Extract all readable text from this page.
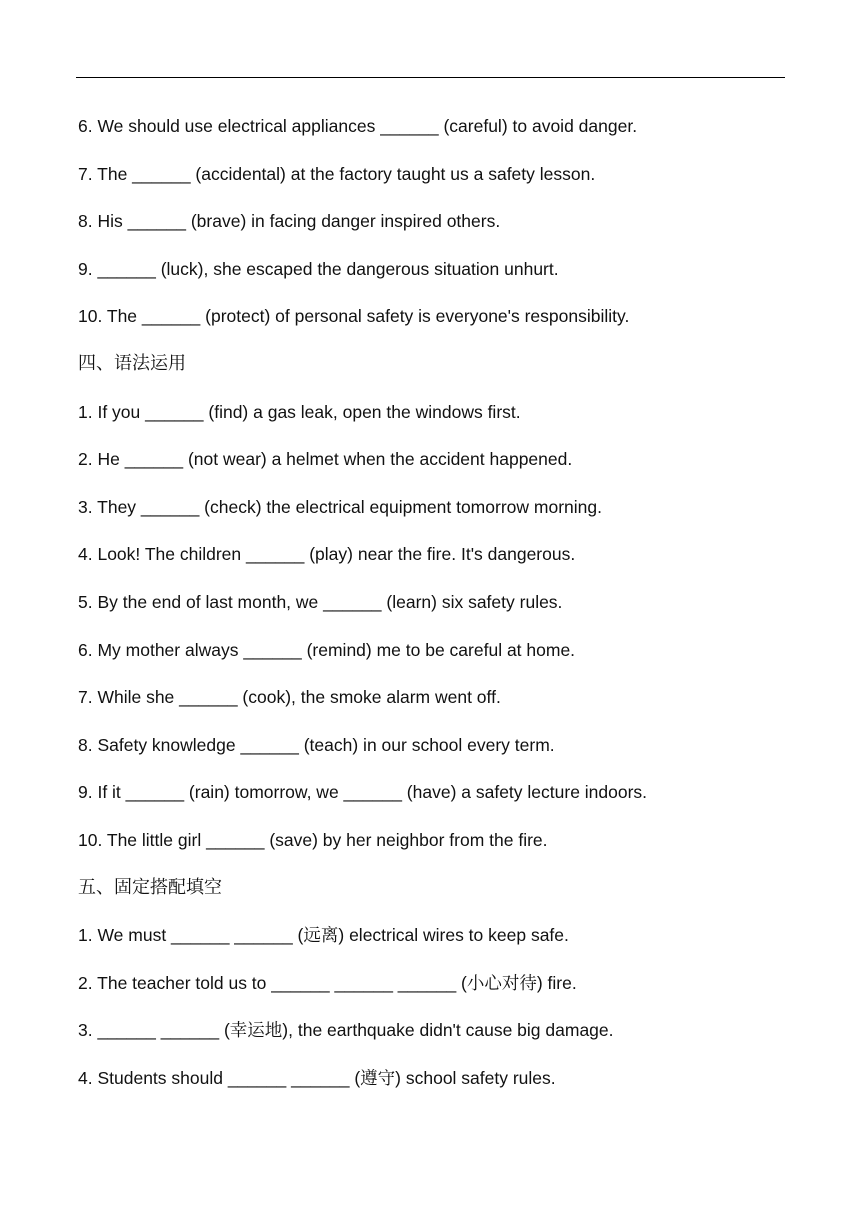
6. We should use electrical appliances ______ (careful) to avoid danger.
7. The ______ (accidental) at the factory taught us a safety lesson.
8. His ______ (brave) in facing danger inspired others.
9. ______ (luck), she escaped the dangerous situation unhurt.
10. The ______ (protect) of personal safety is everyone's responsibility.
四、语法运用
1. If you ______ (find) a gas leak, open the windows first.
2. He ______ (not wear) a helmet when the accident happened.
3. They ______ (check) the electrical equipment tomorrow morning.
4. Look! The children ______ (play) near the fire. It's dangerous.
5. By the end of last month, we ______ (learn) six safety rules.
6. My mother always ______ (remind) me to be careful at home.
7. While she ______ (cook), the smoke alarm went off.
8. Safety knowledge ______ (teach) in our school every term.
9. If it ______ (rain) tomorrow, we ______ (have) a safety lecture indoors.
10. The little girl ______ (save) by her neighbor from the fire.
五、固定搭配填空
1. We must ______ ______ (远离) electrical wires to keep safe.
2. The teacher told us to ______ ______ ______ (小心对待) fire.
3. ______ ______ (幸运地), the earthquake didn't cause big damage.
4. Students should ______ ______ (遵守) school safety rules.
